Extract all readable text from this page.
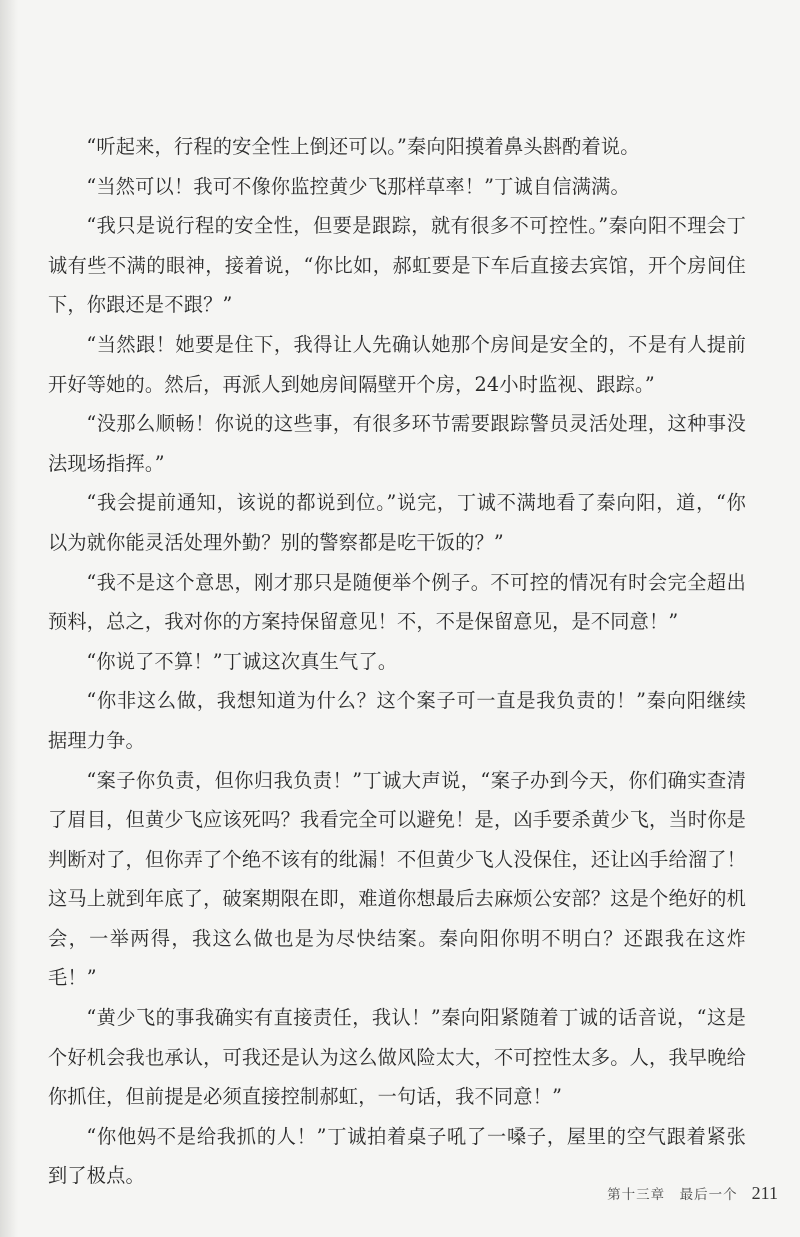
“听起来，行程的安全性上倒还可以。”秦向阳摸着鼻头斟酌着说。

“当然可以！我可不像你监控黄少飞那样草率！”丁诚自信满满。

“我只是说行程的安全性，但要是跟踪，就有很多不可控性。”秦向阳不理会丁诚有些不满的眼神，接着说，“你比如，郝虹要是下车后直接去宾馆，开个房间住下，你跟还是不跟？”

“当然跟！她要是住下，我得让人先确认她那个房间是安全的，不是有人提前开好等她的。然后，再派人到她房间隔壁开个房，24小时监视、跟踪。”

“没那么顺畅！你说的这些事，有很多环节需要跟踪警员灵活处理，这种事没法现场指挥。”

“我会提前通知，该说的都说到位。”说完，丁诚不满地看了秦向阳，道，“你以为就你能灵活处理外勤？别的警察都是吃干饭的？”

“我不是这个意思，刚才那只是随便举个例子。不可控的情况有时会完全超出预料，总之，我对你的方案持保留意见！不，不是保留意见，是不同意！”

“你说了不算！”丁诚这次真生气了。

“你非这么做，我想知道为什么？这个案子可一直是我负责的！”秦向阳继续据理力争。

“案子你负责，但你归我负责！”丁诚大声说，“案子办到今天，你们确实查清了眉目，但黄少飞应该死吗？我看完全可以避免！是，凶手要杀黄少飞，当时你是判断对了，但你弄了个绝不该有的纰漏！不但黄少飞人没保住，还让凶手给溜了！这马上就到年底了，破案期限在即，难道你想最后去麻烦公安部？这是个绝好的机会，一举两得，我这么做也是为尽快结案。秦向阳你明不明白？还跟我在这炸毛！”

“黄少飞的事我确实有直接责任，我认！”秦向阳紧随着丁诚的话音说，“这是个好机会我也承认，可我还是认为这么做风险太大，不可控性太多。人，我早晚给你抓住，但前提是必须直接控制郝虹，一句话，我不同意！”

“你他妈不是给我抓的人！”丁诚拍着桌子吼了一嗓子，屋里的空气跟着紧张到了极点。

第十三章　最后一个 211
